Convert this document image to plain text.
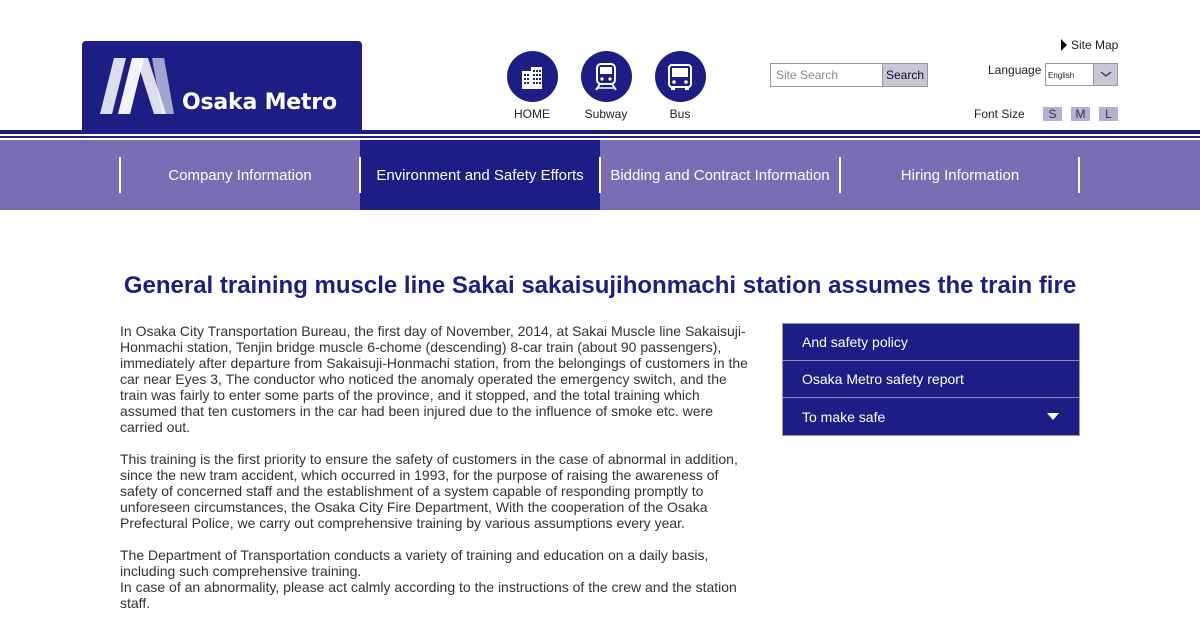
Osaka Metro	HOME	Subway	Bus
Site Search
Search
Site Map
Language English
Font Size	S	M	L
Company Information	Environment and Safety Efforts	Bidding and Contract Information	Hiring Information
General training muscle line Sakai sakaisujihonmachi station assumes the train fire

In Osaka City Transportation Bureau, the first day of November, 2014, at Sakai Muscle line Sakaisuji-Honmachi station, Tenjin bridge muscle 6-chome (descending) 8-car train (about 90 passengers), immediately after departure from Sakaisuji-Honmachi station, from the belongings of customers in the car near Eyes 3, The conductor who noticed the anomaly operated the emergency switch, and the train was fairly to enter some parts of the province, and it stopped, and the total training which assumed that ten customers in the car had been injured due to the influence of smoke etc. were carried out.

This training is the first priority to ensure the safety of customers in the case of abnormal in addition, since the new tram accident, which occurred in 1993, for the purpose of raising the awareness of safety of concerned staff and the establishment of a system capable of responding promptly to unforeseen circumstances, the Osaka City Fire Department, With the cooperation of the Osaka Prefectural Police, we carry out comprehensive training by various assumptions every year.

The Department of Transportation conducts a variety of training and education on a daily basis, including such comprehensive training.

In case of an abnormality, please act calmly according to the instructions of the crew and the station staff.

And safety policy
Osaka Metro safety report
To make safe
